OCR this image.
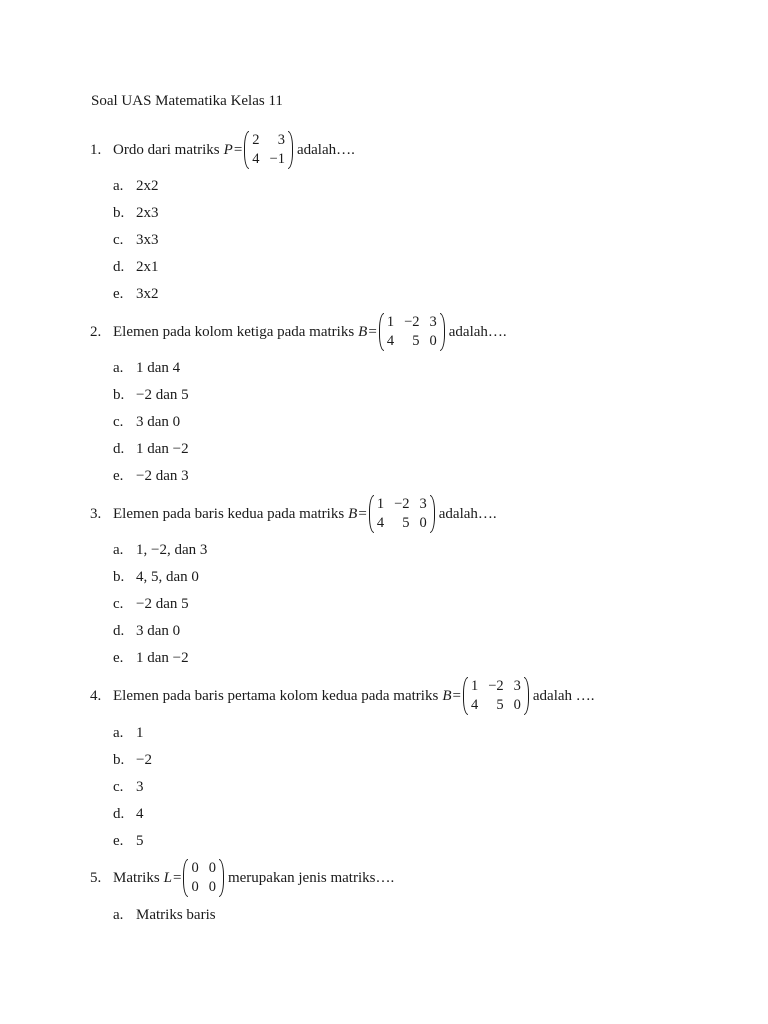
Soal UAS Matematika Kelas 11
1. Ordo dari matriks P =
2	3
4 −1
adalah….
a. 2x2
b. 2x3
c. 3x3
d. 2x1
e. 3x2
2. Elemen pada kolom ketiga pada matriks B =
1 −2 3
4	5 0
adalah….
a. 1 dan 4
b. −2 dan 5
c. 3 dan 0
d. 1 dan −2
e. −2 dan 3
3. Elemen pada baris kedua pada matriks B =
1 −2 3
4	5 0
adalah….
a. 1, −2, dan 3
b. 4, 5, dan 0
c. −2 dan 5
d. 3 dan 0
e. 1 dan −2
4. Elemen pada baris pertama kolom kedua pada matriks B =
1 −2 3
4	5 0
adalah ….
a. 1
b. −2
c. 3
d. 4
e. 5
5. Matriks L =
0 0
0 0
merupakan jenis matriks….
a. Matriks baris
